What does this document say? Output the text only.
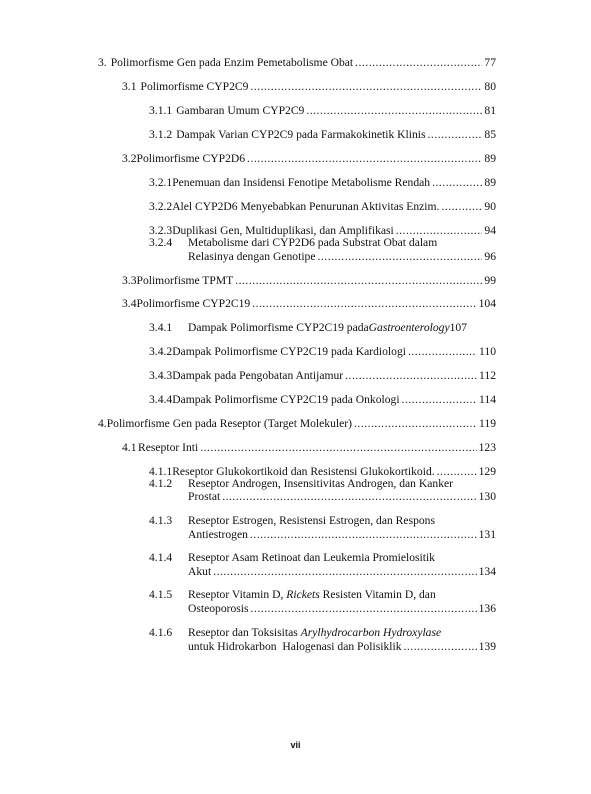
3. Polimorfisme Gen pada Enzim Pemetabolisme Obat .....	77
3.1 Polimorfisme CYP2C9 .....	80
3.1.1 Gambaran Umum CYP2C9 .....	81
3.1.2 Dampak Varian CYP2C9 pada Farmakokinetik Klinis .....	85
3.2 Polimorfisme CYP2D6 .....	89
3.2.1 Penemuan dan Insidensi Fenotipe Metabolisme Rendah .....	89
3.2.2 Alel CYP2D6 Menyebabkan Penurunan Aktivitas Enzim. .....	90
3.2.3 Duplikasi Gen, Multiduplikasi, dan Amplifikasi .....	94
3.2.4 Metabolisme dari CYP2D6 pada Substrat Obat dalam
Relasinya dengan Genotipe .....	96
3.3 Polimorfisme TPMT .....	99
3.4 Polimorfisme CYP2C19 .....	104
3.4.1	Dampak Polimorfisme CYP2C19 pada Gastroenterology 107
3.4.2 Dampak Polimorfisme CYP2C19 pada Kardiologi .....	110
3.4.3 Dampak pada Pengobatan Antijamur .....	112
3.4.4 Dampak Polimorfisme CYP2C19 pada Onkologi .....	114
4. Polimorfisme Gen pada Reseptor (Target Molekuler) .....	119
4.1 Reseptor Inti .....	123
4.1.1 Reseptor Glukokortikoid dan Resistensi Glukokortikoid. .....	129
4.1.2 Reseptor Androgen, Insensitivitas Androgen, dan Kanker
Prostat .....	130
4.1.3 Reseptor Estrogen, Resistensi Estrogen, dan Respons
Antiestrogen .....	131
4.1.4 Reseptor Asam Retinoat dan Leukemia Promielositik
Akut .....	134
4.1.5 Reseptor Vitamin D, Rickets Resisten Vitamin D, dan
Osteoporosis .....	136
4.1.6 Reseptor dan Toksisitas Arylhydrocarbon Hydroxylase
untuk Hidrokarbon  Halogenasi dan Polisiklik .....	139
vii
